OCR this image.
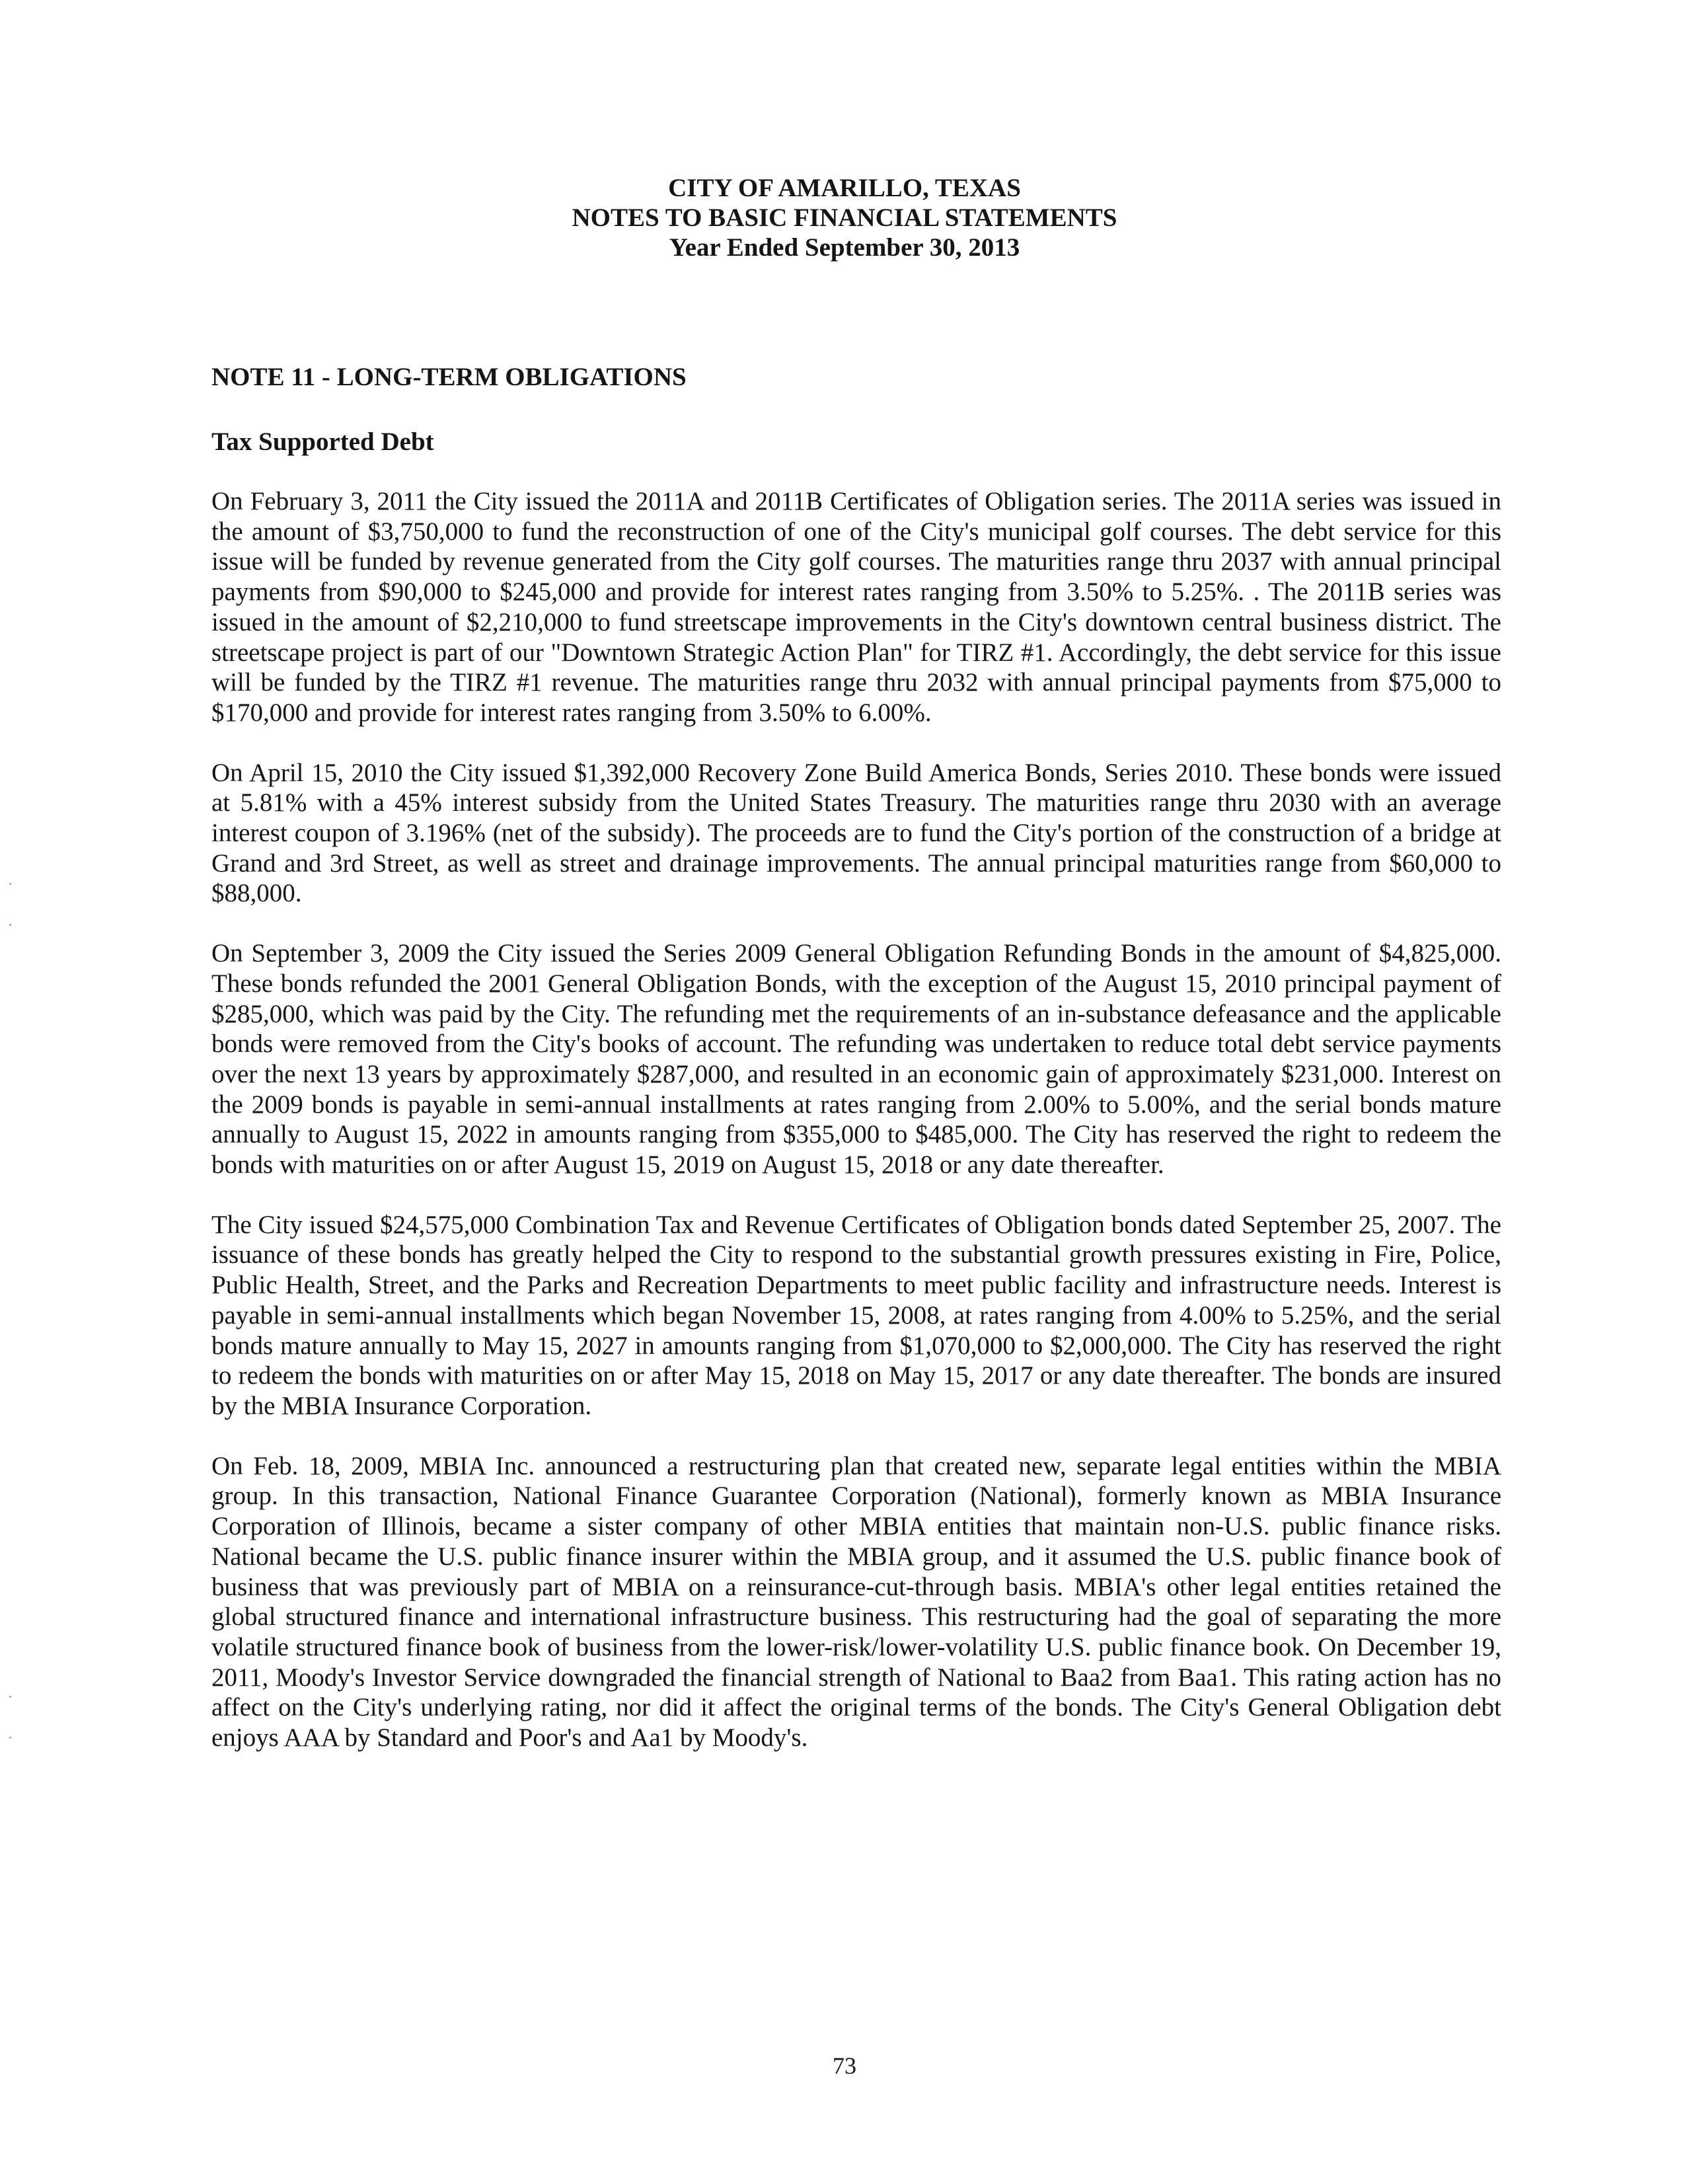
CITY OF AMARILLO, TEXAS
NOTES TO BASIC FINANCIAL STATEMENTS
Year Ended September 30, 2013
NOTE 11 - LONG-TERM OBLIGATIONS
Tax Supported Debt

On February 3, 2011 the City issued the 2011A and 2011B Certificates of Obligation series. The 2011A series was issued in the amount of $3,750,000 to fund the reconstruction of one of the City's municipal golf courses. The debt service for this issue will be funded by revenue generated from the City golf courses. The maturities range thru 2037 with annual principal payments from $90,000 to $245,000 and provide for interest rates ranging from 3.50% to 5.25%. . The 2011B series was issued in the amount of $2,210,000 to fund streetscape improvements in the City's downtown central business district. The streetscape project is part of our "Downtown Strategic Action Plan" for TIRZ #1. Accordingly, the debt service for this issue will be funded by the TIRZ #1 revenue. The maturities range thru 2032 with annual principal payments from $75,000 to $170,000 and provide for interest rates ranging from 3.50% to 6.00%.

On April 15, 2010 the City issued $1,392,000 Recovery Zone Build America Bonds, Series 2010. These bonds were issued at 5.81% with a 45% interest subsidy from the United States Treasury. The maturities range thru 2030 with an average interest coupon of 3.196% (net of the subsidy). The proceeds are to fund the City's portion of the construction of a bridge at Grand and 3rd Street, as well as street and drainage improvements. The annual principal maturities range from $60,000 to $88,000.

On September 3, 2009 the City issued the Series 2009 General Obligation Refunding Bonds in the amount of $4,825,000. These bonds refunded the 2001 General Obligation Bonds, with the exception of the August 15, 2010 principal payment of $285,000, which was paid by the City. The refunding met the requirements of an in-substance defeasance and the applicable bonds were removed from the City's books of account. The refunding was undertaken to reduce total debt service payments over the next 13 years by approximately $287,000, and resulted in an economic gain of approximately $231,000. Interest on the 2009 bonds is payable in semi-annual installments at rates ranging from 2.00% to 5.00%, and the serial bonds mature annually to August 15, 2022 in amounts ranging from $355,000 to $485,000. The City has reserved the right to redeem the bonds with maturities on or after August 15, 2019 on August 15, 2018 or any date thereafter.

The City issued $24,575,000 Combination Tax and Revenue Certificates of Obligation bonds dated September 25, 2007. The issuance of these bonds has greatly helped the City to respond to the substantial growth pressures existing in Fire, Police, Public Health, Street, and the Parks and Recreation Departments to meet public facility and infrastructure needs. Interest is payable in semi-annual installments which began November 15, 2008, at rates ranging from 4.00% to 5.25%, and the serial bonds mature annually to May 15, 2027 in amounts ranging from $1,070,000 to $2,000,000. The City has reserved the right to redeem the bonds with maturities on or after May 15, 2018 on May 15, 2017 or any date thereafter. The bonds are insured by the MBIA Insurance Corporation.

On Feb. 18, 2009, MBIA Inc. announced a restructuring plan that created new, separate legal entities within the MBIA group. In this transaction, National Finance Guarantee Corporation (National), formerly known as MBIA Insurance Corporation of Illinois, became a sister company of other MBIA entities that maintain non-U.S. public finance risks. National became the U.S. public finance insurer within the MBIA group, and it assumed the U.S. public finance book of business that was previously part of MBIA on a reinsurance-cut-through basis. MBIA's other legal entities retained the global structured finance and international infrastructure business. This restructuring had the goal of separating the more volatile structured finance book of business from the lower-risk/lower-volatility U.S. public finance book. On December 19, 2011, Moody's Investor Service downgraded the financial strength of National to Baa2 from Baa1. This rating action has no affect on the City's underlying rating, nor did it affect the original terms of the bonds. The City's General Obligation debt enjoys AAA by Standard and Poor's and Aa1 by Moody's.

73
